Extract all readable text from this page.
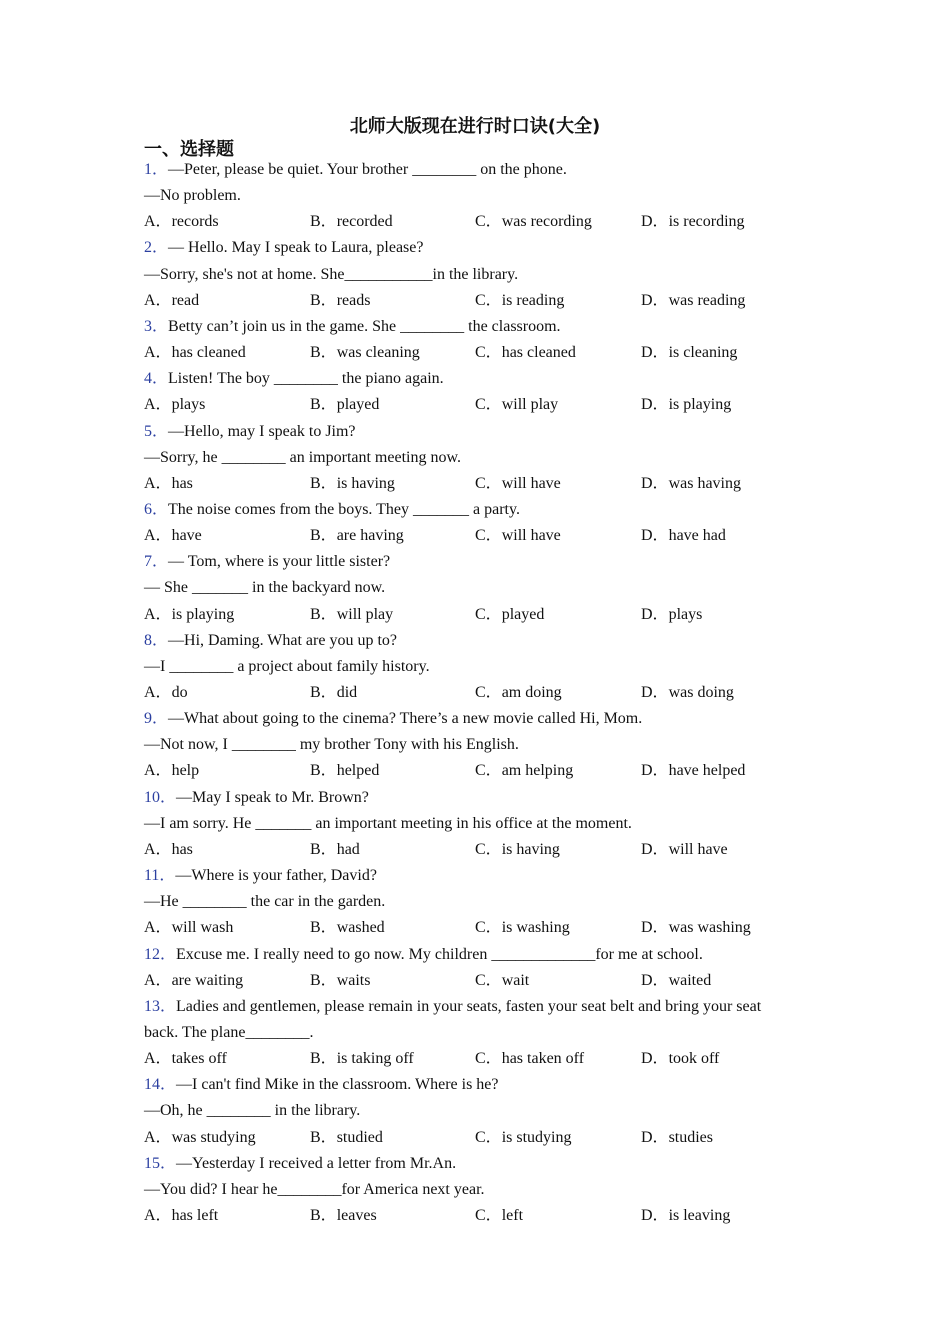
北师大版现在进行时口诀(大全)
一、选择题
1．—Peter, please be quiet. Your brother ________ on the phone.
—No problem.
A．records	B．recorded	C．was recording	D．is recording
2．— Hello. May I speak to Laura, please?
—Sorry, she's not at home. She___________in the library.
A．read	B．reads	C．is reading	D．was reading
3．Betty can’t join us in the game. She ________ the classroom.
A．has cleaned	B．was cleaning	C．has cleaned	D．is cleaning
4．Listen! The boy ________ the piano again.
A．plays	B．played	C．will play	D．is playing
5．—Hello, may I speak to Jim?
—Sorry, he ________ an important meeting now.
A．has	B．is having	C．will have	D．was having
6．The noise comes from the boys. They _______ a party.
A．have	B．are having	C．will have	D．have had
7．— Tom, where is your little sister?
— She _______ in the backyard now.
A．is playing	B．will play	C．played	D．plays
8．—Hi, Daming. What are you up to?
—I ________ a project about family history.
A．do	B．did	C．am doing	D．was doing
9．—What about going to the cinema? There’s a new movie called Hi, Mom.
—Not now, I ________ my brother Tony with his English.
A．help	B．helped	C．am helping	D．have helped
10．—May I speak to Mr. Brown?
—I am sorry. He _______ an important meeting in his office at the moment.
A．has	B．had	C．is having	D．will have
11．—Where is your father, David?
—He ________ the car in the garden.
A．will wash	B．washed	C．is washing	D．was washing
12．Excuse me. I really need to go now. My children _____________for me at school.
A．are waiting	B．waits	C．wait	D．waited
13．Ladies and gentlemen, please remain in your seats, fasten your seat belt and bring your seat
back. The plane________.
A．takes off	B．is taking off	C．has taken off	D．took off
14．—I can't find Mike in the classroom. Where is he?
—Oh, he ________ in the library.
A．was studying	B．studied	C．is studying	D．studies
15．—Yesterday I received a letter from Mr.An.
—You did? I hear he________for America next year.
A．has left	B．leaves	C．left	D．is leaving
